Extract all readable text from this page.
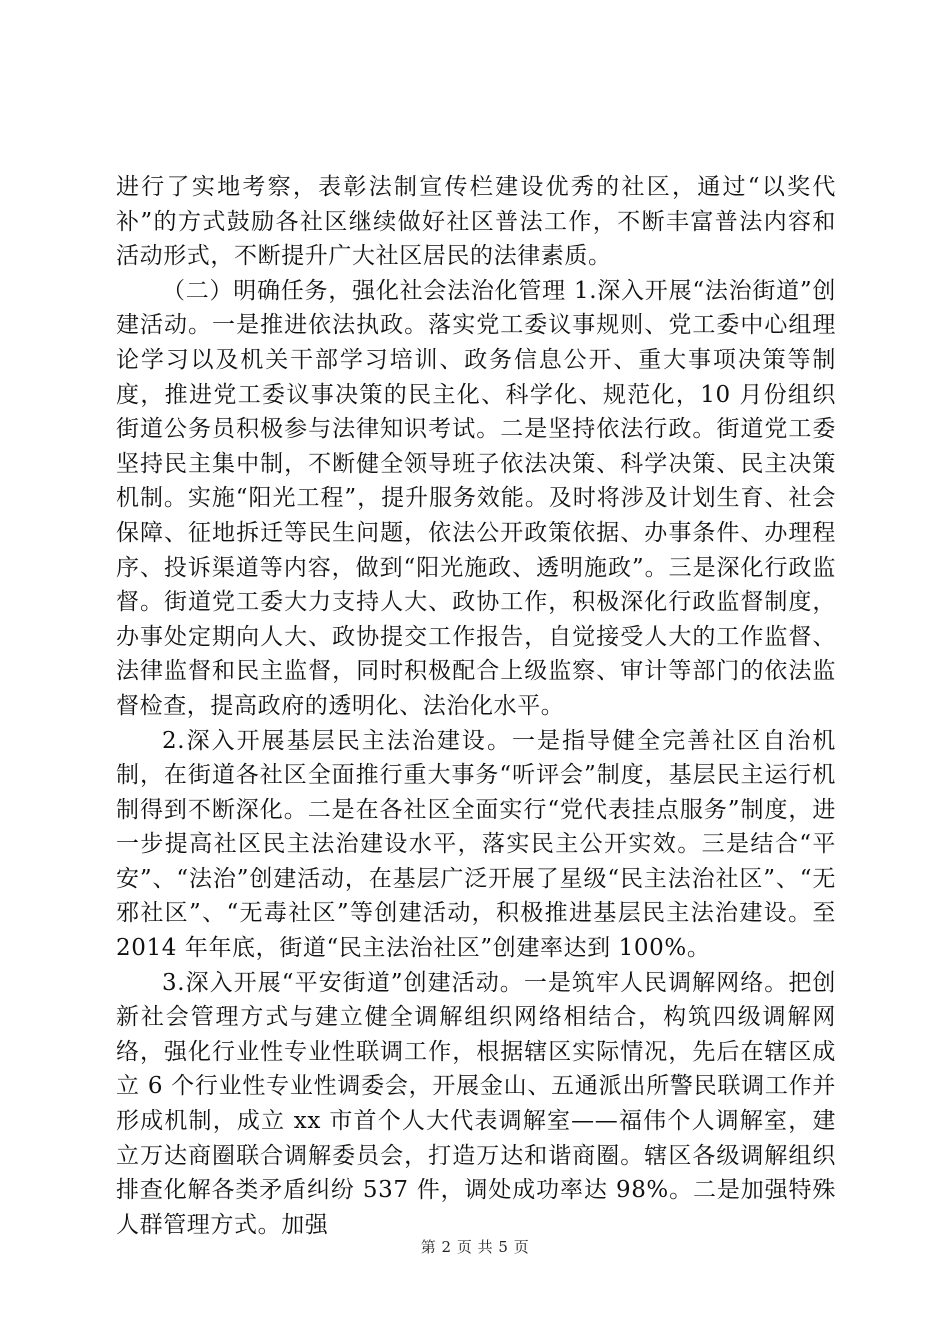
进行了实地考察，表彰法制宣传栏建设优秀的社区，通过“以奖代补”的方式鼓励各社区继续做好社区普法工作，不断丰富普法内容和活动形式，不断提升广大社区居民的法律素质。

（二）明确任务，强化社会法治化管理 1.深入开展“法治街道”创建活动。一是推进依法执政。落实党工委议事规则、党工委中心组理论学习以及机关干部学习培训、政务信息公开、重大事项决策等制度，推进党工委议事决策的民主化、科学化、规范化，10 月份组织街道公务员积极参与法律知识考试。二是坚持依法行政。街道党工委坚持民主集中制，不断健全领导班子依法决策、科学决策、民主决策机制。实施“阳光工程”，提升服务效能。及时将涉及计划生育、社会保障、征地拆迁等民生问题，依法公开政策依据、办事条件、办理程序、投诉渠道等内容，做到“阳光施政、透明施政”。三是深化行政监督。街道党工委大力支持人大、政协工作，积极深化行政监督制度，办事处定期向人大、政协提交工作报告，自觉接受人大的工作监督、法律监督和民主监督，同时积极配合上级监察、审计等部门的依法监督检查，提高政府的透明化、法治化水平。

2.深入开展基层民主法治建设。一是指导健全完善社区自治机制，在街道各社区全面推行重大事务“听评会”制度，基层民主运行机制得到不断深化。二是在各社区全面实行“党代表挂点服务”制度，进一步提高社区民主法治建设水平，落实民主公开实效。三是结合“平安”、“法治”创建活动，在基层广泛开展了星级“民主法治社区”、“无邪社区”、“无毒社区”等创建活动，积极推进基层民主法治建设。至 2014 年年底，街道“民主法治社区”创建率达到 100%。

3.深入开展“平安街道”创建活动。一是筑牢人民调解网络。把创新社会管理方式与建立健全调解组织网络相结合，构筑四级调解网络，强化行业性专业性联调工作，根据辖区实际情况，先后在辖区成立 6 个行业性专业性调委会，开展金山、五通派出所警民联调工作并形成机制，成立 xx 市首个人大代表调解室——福伟个人调解室，建立万达商圈联合调解委员会，打造万达和谐商圈。辖区各级调解组织排查化解各类矛盾纠纷 537 件，调处成功率达 98%。二是加强特殊人群管理方式。加强

第 2 页 共 5 页
